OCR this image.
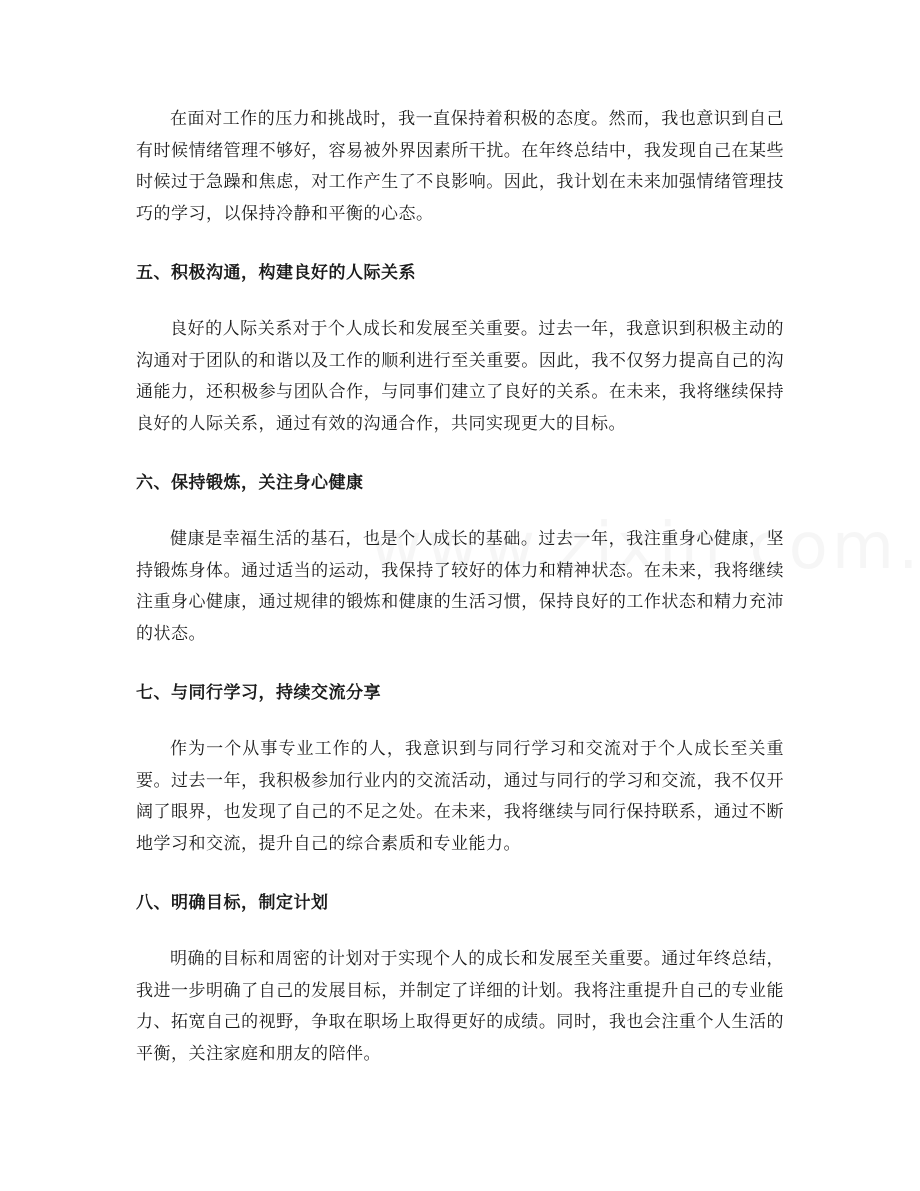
在面对工作的压力和挑战时，我一直保持着积极的态度。然而，我也意识到自己有时候情绪管理不够好，容易被外界因素所干扰。在年终总结中，我发现自己在某些时候过于急躁和焦虑，对工作产生了不良影响。因此，我计划在未来加强情绪管理技巧的学习，以保持冷静和平衡的心态。

五、积极沟通，构建良好的人际关系

良好的人际关系对于个人成长和发展至关重要。过去一年，我意识到积极主动的沟通对于团队的和谐以及工作的顺利进行至关重要。因此，我不仅努力提高自己的沟通能力，还积极参与团队合作，与同事们建立了良好的关系。在未来，我将继续保持良好的人际关系，通过有效的沟通合作，共同实现更大的目标。

六、保持锻炼，关注身心健康

健康是幸福生活的基石，也是个人成长的基础。过去一年，我注重身心健康，坚持锻炼身体。通过适当的运动，我保持了较好的体力和精神状态。在未来，我将继续注重身心健康，通过规律的锻炼和健康的生活习惯，保持良好的工作状态和精力充沛的状态。

七、与同行学习，持续交流分享

作为一个从事专业工作的人，我意识到与同行学习和交流对于个人成长至关重要。过去一年，我积极参加行业内的交流活动，通过与同行的学习和交流，我不仅开阔了眼界，也发现了自己的不足之处。在未来，我将继续与同行保持联系，通过不断地学习和交流，提升自己的综合素质和专业能力。

八、明确目标，制定计划

明确的目标和周密的计划对于实现个人的成长和发展至关重要。通过年终总结，我进一步明确了自己的发展目标，并制定了详细的计划。我将注重提升自己的专业能力、拓宽自己的视野，争取在职场上取得更好的成绩。同时，我也会注重个人生活的平衡，关注家庭和朋友的陪伴。
